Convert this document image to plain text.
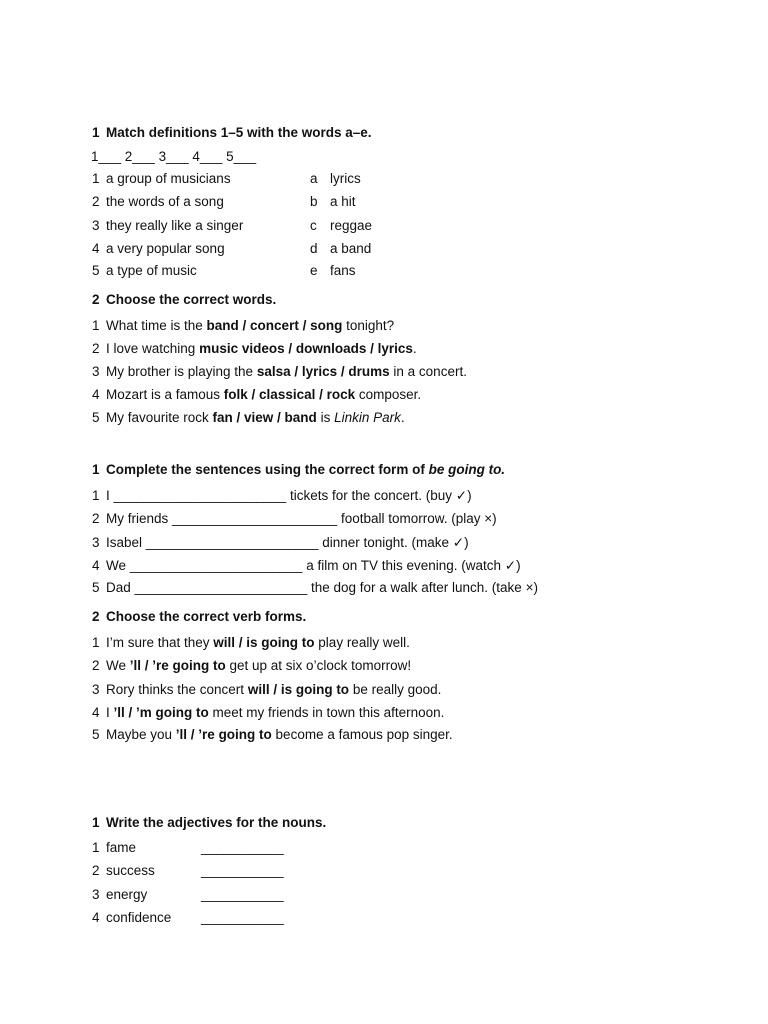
1 Match definitions 1–5 with the words a–e.
1___ 2___ 3___ 4___ 5___
1 a group of musicians	a lyrics
2 the words of a song	b a hit
3 they really like a singer	c reggae
4 a very popular song	d a band
5 a type of music	e fans
2 Choose the correct words.
1 What time is the band / concert / song tonight?
2 I love watching music videos / downloads / lyrics.
3 My brother is playing the salsa / lyrics / drums in a concert.
4 Mozart is a famous folk / classical / rock composer.
5 My favourite rock fan / view / band is Linkin Park.
1 Complete the sentences using the correct form of be going to.
1 I _______________________ tickets for the concert. (buy ✓)
2 My friends ______________________ football tomorrow. (play ×)
3 Isabel _______________________ dinner tonight. (make ✓)
4 We _______________________ a film on TV this evening. (watch ✓)
5 Dad _______________________ the dog for a walk after lunch. (take ×)
2 Choose the correct verb forms.
1 I’m sure that they will / is going to play really well.
2 We ’ll / ’re going to get up at six o’clock tomorrow!
3 Rory thinks the concert will / is going to be really good.
4 I ’ll / ’m going to meet my friends in town this afternoon.
5 Maybe you ’ll / ’re going to become a famous pop singer.
1 Write the adjectives for the nouns.
1 fame	___________
2 success	___________
3 energy	___________
4 confidence ___________
